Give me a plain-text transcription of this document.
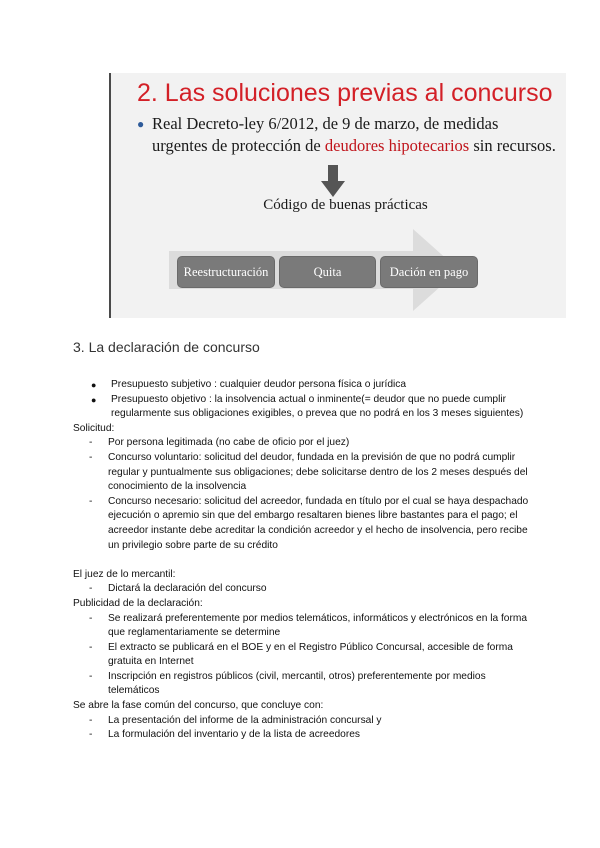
2. Las soluciones previas al concurso
● Real Decreto-ley 6/2012, de 9 de marzo, de medidas urgentes de protección de deudores hipotecarios sin recursos.
Código de buenas prácticas
Reestructuración	Quita	Dación en pago
3. La declaración de concurso
● Presupuesto subjetivo : cualquier deudor persona física o jurídica
● Presupuesto objetivo : la insolvencia actual o inminente(= deudor que no puede cumplir regularmente sus obligaciones exigibles, o prevea que no podrá en los 3 meses siguientes)
Solicitud:
- Por persona legitimada (no cabe de oficio por el juez)
- Concurso voluntario: solicitud del deudor, fundada en la previsión de que no podrá cumplir regular y puntualmente sus obligaciones; debe solicitarse dentro de los 2 meses después del conocimiento de la insolvencia
- Concurso necesario: solicitud del acreedor, fundada en título por el cual se haya despachado ejecución o apremio sin que del embargo resaltaren bienes libre bastantes para el pago; el acreedor instante debe acreditar la condición acreedor y el hecho de insolvencia, pero recibe un privilegio sobre parte de su crédito
El juez de lo mercantil:
- Dictará la declaración del concurso
Publicidad de la declaración:
- Se realizará preferentemente por medios telemáticos, informáticos y electrónicos en la forma que reglamentariamente se determine
- El extracto se publicará en el BOE y en el Registro Público Concursal, accesible de forma gratuita en Internet
- Inscripción en registros públicos (civil, mercantil, otros) preferentemente por medios telemáticos
Se abre la fase común del concurso, que concluye con:
- La presentación del informe de la administración concursal y
- La formulación del inventario y de la lista de acreedores
